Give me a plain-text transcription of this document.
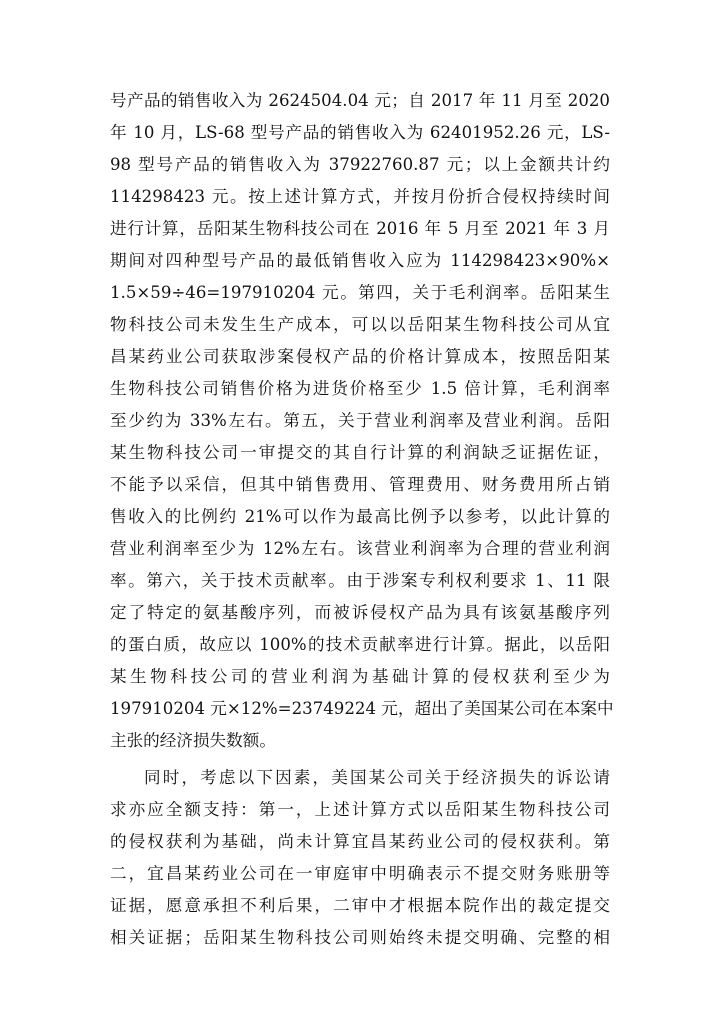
号产品的销售收入为 2624504.04 元；自 2017 年 11 月至 2020
年 10 月，LS-68 型号产品的销售收入为 62401952.26 元，LS-
98 型号产品的销售收入为 37922760.87 元；以上金额共计约
114298423 元。按上述计算方式，并按月份折合侵权持续时间
进行计算，岳阳某生物科技公司在 2016 年 5 月至 2021 年 3 月
期间对四种型号产品的最低销售收入应为 114298423×90%×
1.5×59÷46=197910204 元。第四，关于毛利润率。岳阳某生
物科技公司未发生生产成本，可以以岳阳某生物科技公司从宜
昌某药业公司获取涉案侵权产品的价格计算成本，按照岳阳某
生物科技公司销售价格为进货价格至少 1.5 倍计算，毛利润率
至少约为 33%左右。第五，关于营业利润率及营业利润。岳阳
某生物科技公司一审提交的其自行计算的利润缺乏证据佐证，
不能予以采信，但其中销售费用、管理费用、财务费用所占销
售收入的比例约 21%可以作为最高比例予以参考，以此计算的
营业利润率至少为 12%左右。该营业利润率为合理的营业利润
率。第六，关于技术贡献率。由于涉案专利权利要求 1、11 限
定了特定的氨基酸序列，而被诉侵权产品为具有该氨基酸序列
的蛋白质，故应以 100%的技术贡献率进行计算。据此，以岳阳
某生物科技公司的营业利润为基础计算的侵权获利至少为
197910204 元×12%=23749224 元，超出了美国某公司在本案中
主张的经济损失数额。
同时，考虑以下因素，美国某公司关于经济损失的诉讼请
求亦应全额支持：第一，上述计算方式以岳阳某生物科技公司
的侵权获利为基础，尚未计算宜昌某药业公司的侵权获利。第
二，宜昌某药业公司在一审庭审中明确表示不提交财务账册等
证据，愿意承担不利后果，二审中才根据本院作出的裁定提交
相关证据；岳阳某生物科技公司则始终未提交明确、完整的相
